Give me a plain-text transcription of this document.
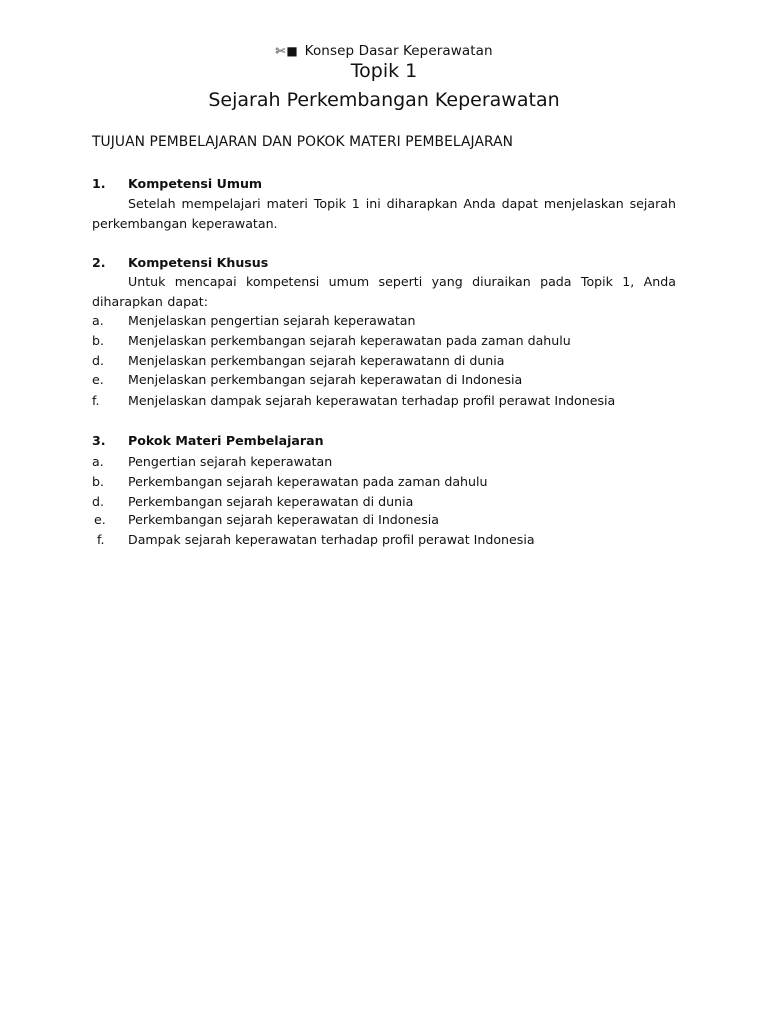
✄■ Konsep Dasar Keperawatan
Topik 1
Sejarah Perkembangan Keperawatan
TUJUAN PEMBELAJARAN DAN POKOK MATERI PEMBELAJARAN
1. Kompetensi Umum
Setelah mempelajari materi Topik 1 ini diharapkan Anda dapat menjelaskan sejarah perkembangan keperawatan.
2. Kompetensi Khusus
Untuk mencapai kompetensi umum seperti yang diuraikan pada Topik 1, Anda diharapkan dapat:
a. Menjelaskan pengertian sejarah keperawatan
b. Menjelaskan perkembangan sejarah keperawatan pada zaman dahulu
d. Menjelaskan perkembangan sejarah keperawatann di dunia
e. Menjelaskan perkembangan sejarah keperawatan di Indonesia
f. Menjelaskan dampak sejarah keperawatan terhadap profil perawat Indonesia
3. Pokok Materi Pembelajaran
a. Pengertian sejarah keperawatan
b. Perkembangan sejarah keperawatan pada zaman dahulu
d. Perkembangan sejarah keperawatan di dunia
e. Perkembangan sejarah keperawatan di Indonesia
f. Dampak sejarah keperawatan terhadap profil perawat Indonesia
